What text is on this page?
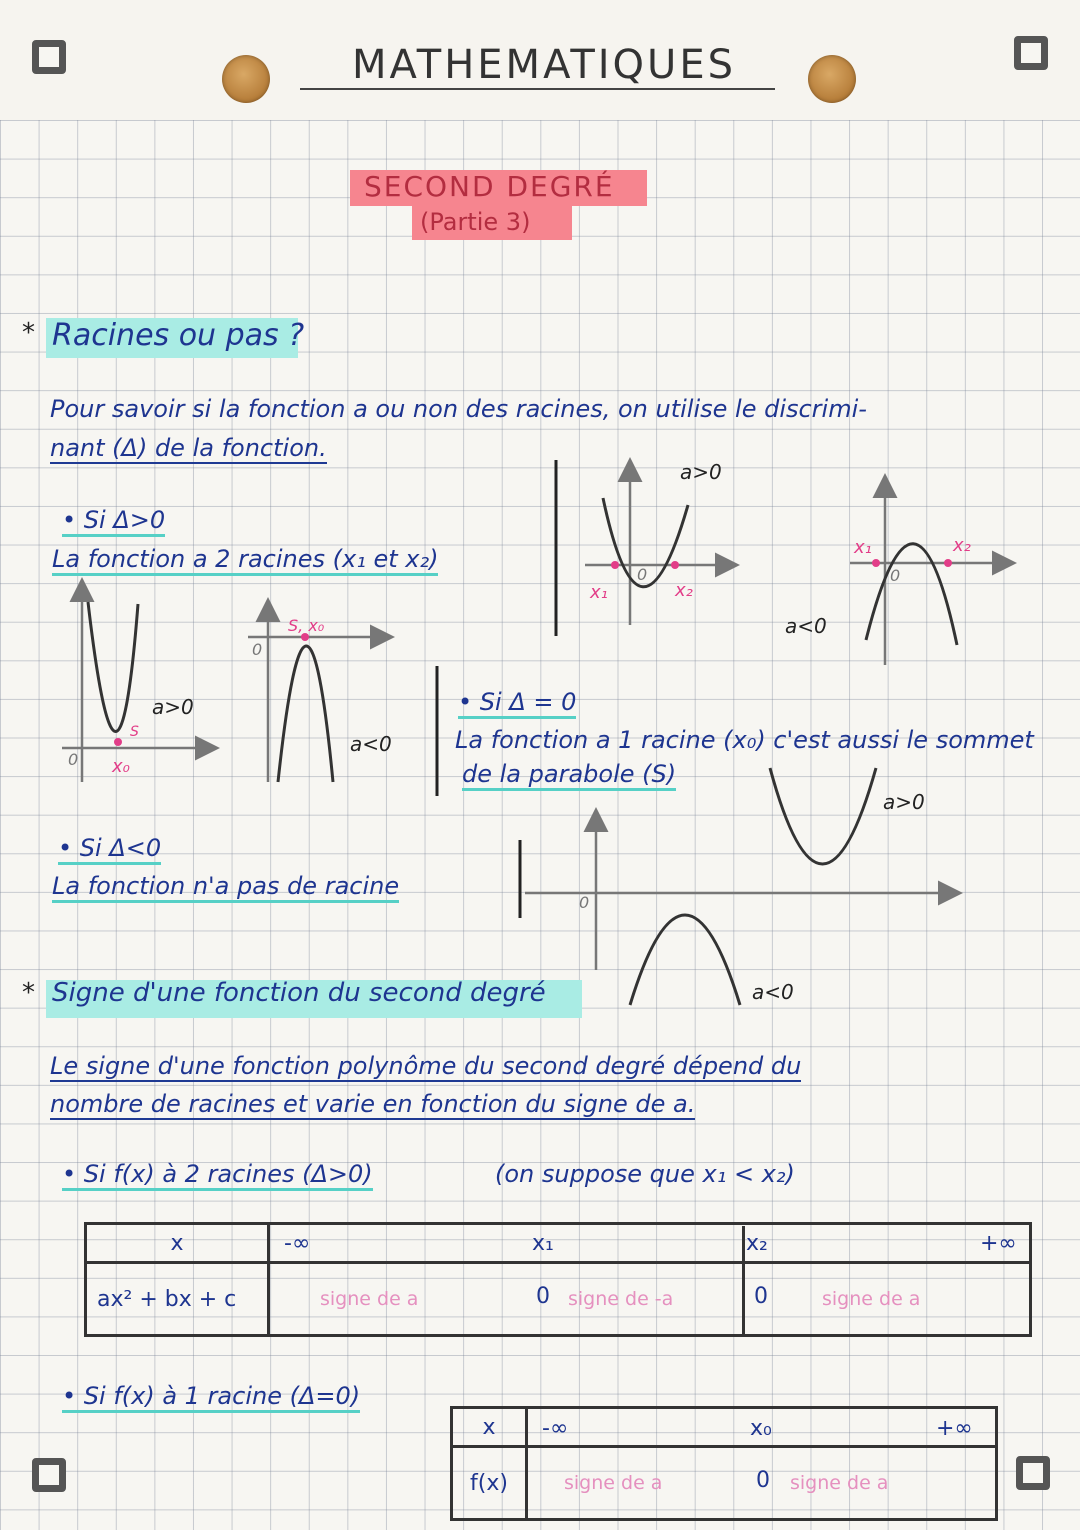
MATHEMATIQUES
SECOND DEGRÉ
(Partie 3)
* Racines ou pas ?
Pour savoir si la fonction a ou non des racines, on utilise le discrimi-
nant (Δ) de la fonction.
• Si Δ>0
La fonction a 2 racines (x₁ et x₂)
• Si Δ = 0
La fonction a 1 racine (x₀) c'est aussi le sommet
de la parabole (S)
• Si Δ<0
La fonction n'a pas de racine
a>0
x₁	x₂
0
a<0
x₁	x₂
0
a>0
x₀
S
0
S, x₀
0
a<0
a>0
0
a<0
* Signe d'une fonction du second degré
Le signe d'une fonction polynôme du second degré dépend du
nombre de racines et varie en fonction du signe de a.
• Si f(x) à 2 racines (Δ>0)	(on suppose que x₁ < x₂)
x	-∞ x₁ x₂ +∞

ax² + bx + c	signe de a 0 signe de -a 0 signe de a
• Si f(x) à 1 racine (Δ=0)
x	-∞ x₀ +∞

f(x)	signe de a 0 signe de a
